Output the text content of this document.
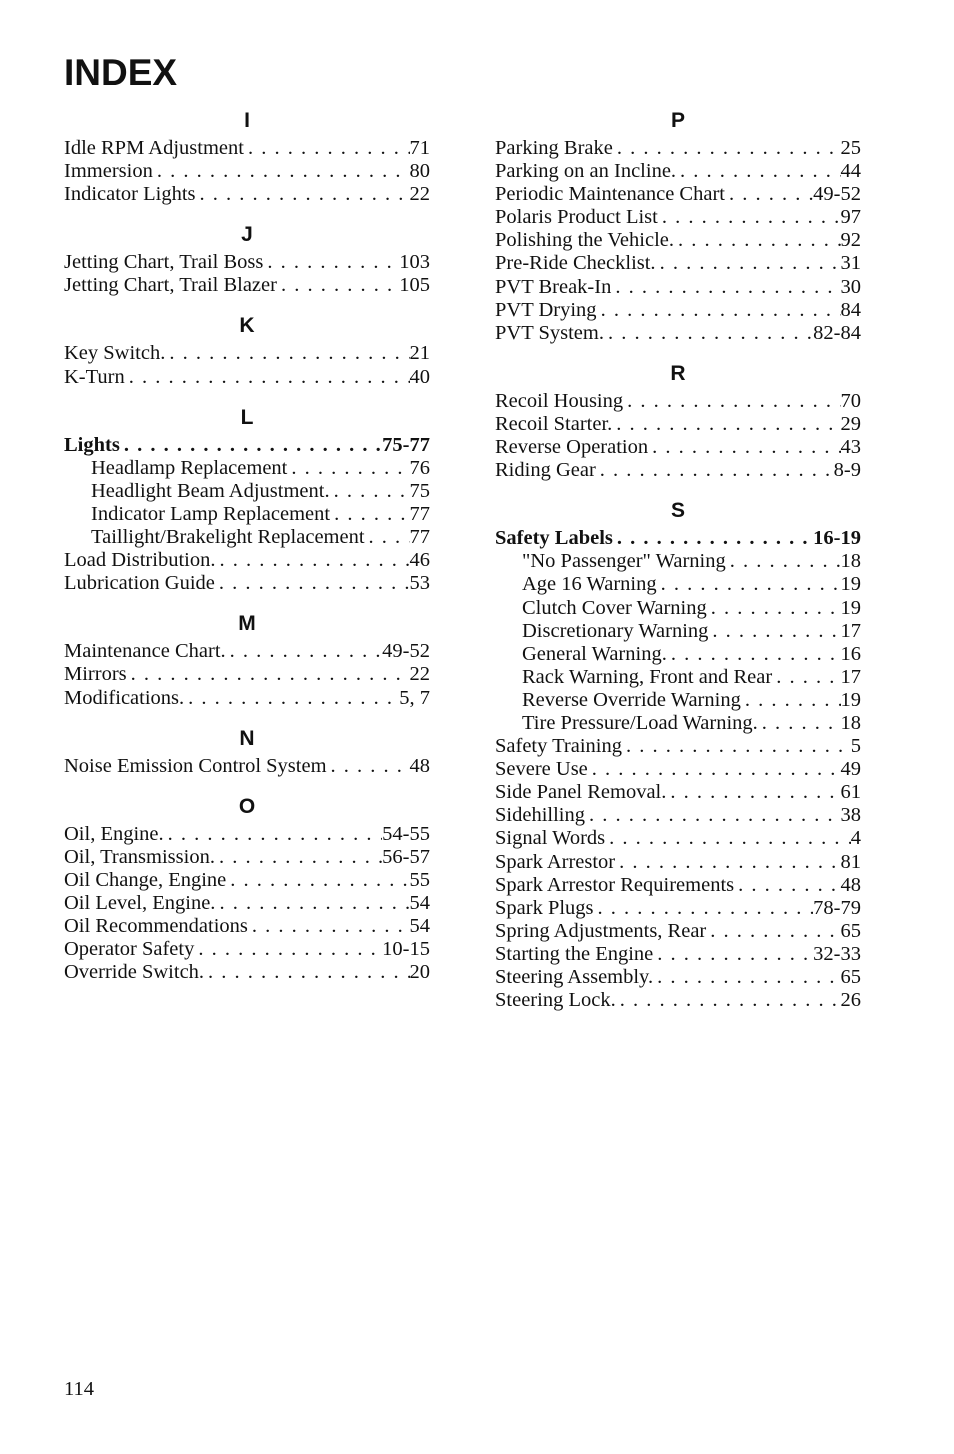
INDEX
I
Idle RPM Adjustment . . .	71
Immersion . . .	80
Indicator Lights . . .	22
J
Jetting Chart, Trail Boss . . .	103
Jetting Chart, Trail Blazer . . .	105
K
Key Switch. . . .	21
K-Turn . . .	40
L
Lights . . .	75-77
Headlamp Replacement . . .	76
Headlight Beam Adjustment. . . .	75
Indicator Lamp Replacement . . .	77
Taillight/Brakelight Replacement . . . 77
Load Distribution. . . .	46
Lubrication Guide . . .	53
M
Maintenance Chart. . . .	49-52
Mirrors . . .	22
Modifications. . . .	5, 7
N
Noise Emission Control System . . .	48
O
Oil, Engine. . . .	54-55
Oil, Transmission. . . .	56-57
Oil Change, Engine . . .	55
Oil Level, Engine. . . .	54
Oil Recommendations . . .	54
Operator Safety . . .	10-15
Override Switch. . . .	20
P
Parking Brake . . .	25
Parking on an Incline. . . .	44
Periodic Maintenance Chart . . .	49-52
Polaris Product List . . .	97
Polishing the Vehicle. . . .	92
Pre-Ride Checklist. . . .	31
PVT Break-In . . .	30
PVT Drying . . .	84
PVT System. . . .	82-84
R
Recoil Housing . . .	70
Recoil Starter. . . .	29
Reverse Operation . . .	43
Riding Gear . . .	8-9
S
Safety Labels . . .	16-19
"No Passenger" Warning . . .	18
Age 16 Warning . . .	19
Clutch Cover Warning . . .	19
Discretionary Warning . . .	17
General Warning. . . .	16
Rack Warning, Front and Rear . . .	17
Reverse Override Warning . . .	19
Tire Pressure/Load Warning. . . .	18
Safety Training . . .	5
Severe Use . . .	49
Side Panel Removal. . . .	61
Sidehilling . . .	38
Signal Words . . .	4
Spark Arrestor . . .	81
Spark Arrestor Requirements . . .	48
Spark Plugs . . .	78-79
Spring Adjustments, Rear . . .	65
Starting the Engine . . .	32-33
Steering Assembly. . . .	65
Steering Lock. . . .	26
114
